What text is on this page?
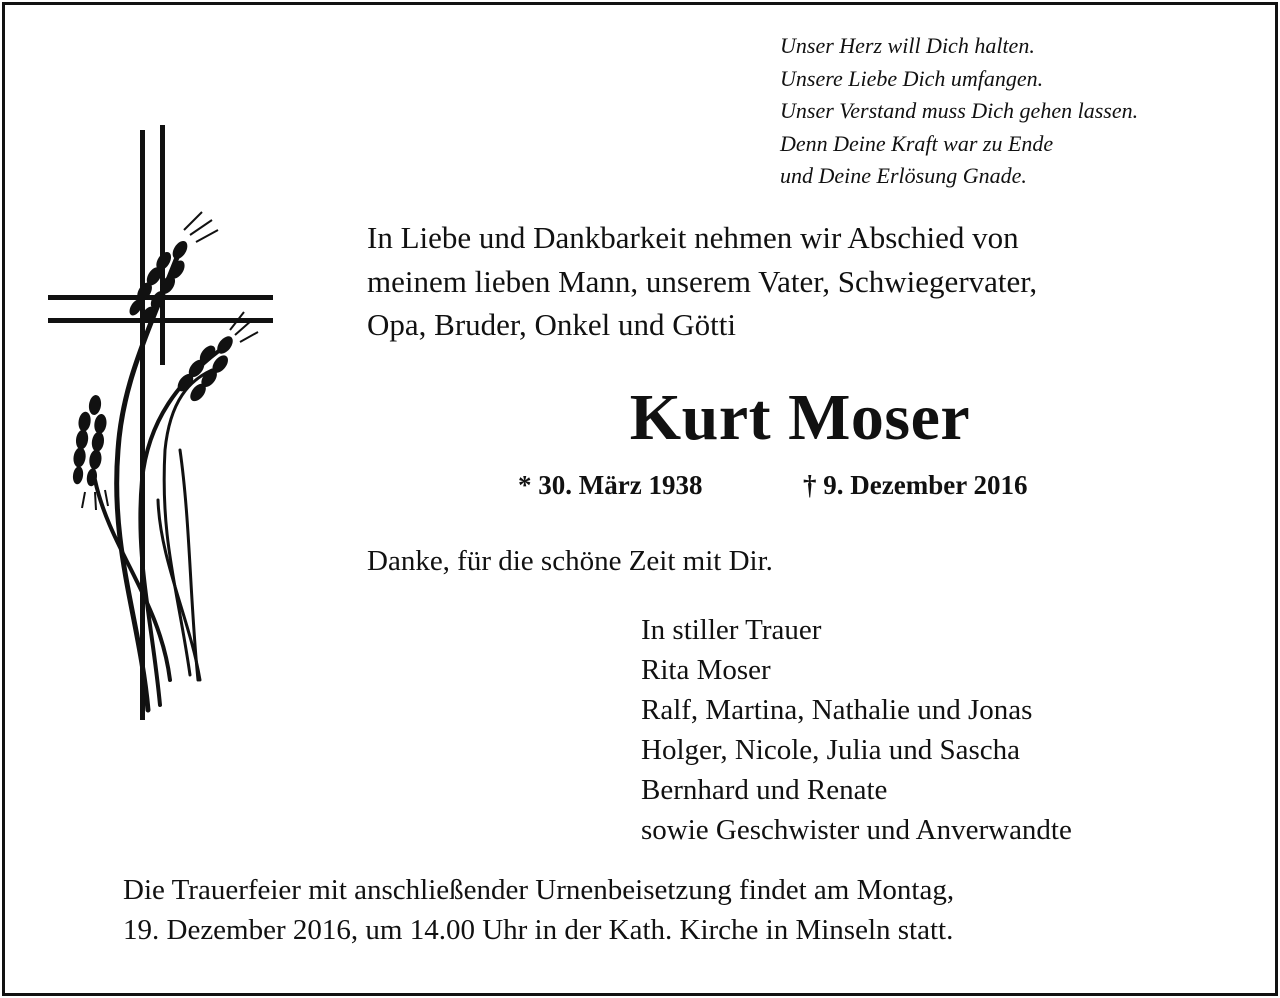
Unser Herz will Dich halten.
Unsere Liebe Dich umfangen.
Unser Verstand muss Dich gehen lassen.
Denn Deine Kraft war zu Ende
und Deine Erlösung Gnade.
In Liebe und Dankbarkeit nehmen wir Abschied von
meinem lieben Mann, unserem Vater, Schwiegervater,
Opa, Bruder, Onkel und Götti
Kurt Moser
* 30. März 1938	† 9. Dezember 2016
Danke, für die schöne Zeit mit Dir.
In stiller Trauer
Rita Moser
Ralf, Martina, Nathalie und Jonas
Holger, Nicole, Julia und Sascha
Bernhard und Renate
sowie Geschwister und Anverwandte
Die Trauerfeier mit anschließender Urnenbeisetzung findet am Montag,
19. Dezember 2016, um 14.00 Uhr in der Kath. Kirche in Minseln statt.
